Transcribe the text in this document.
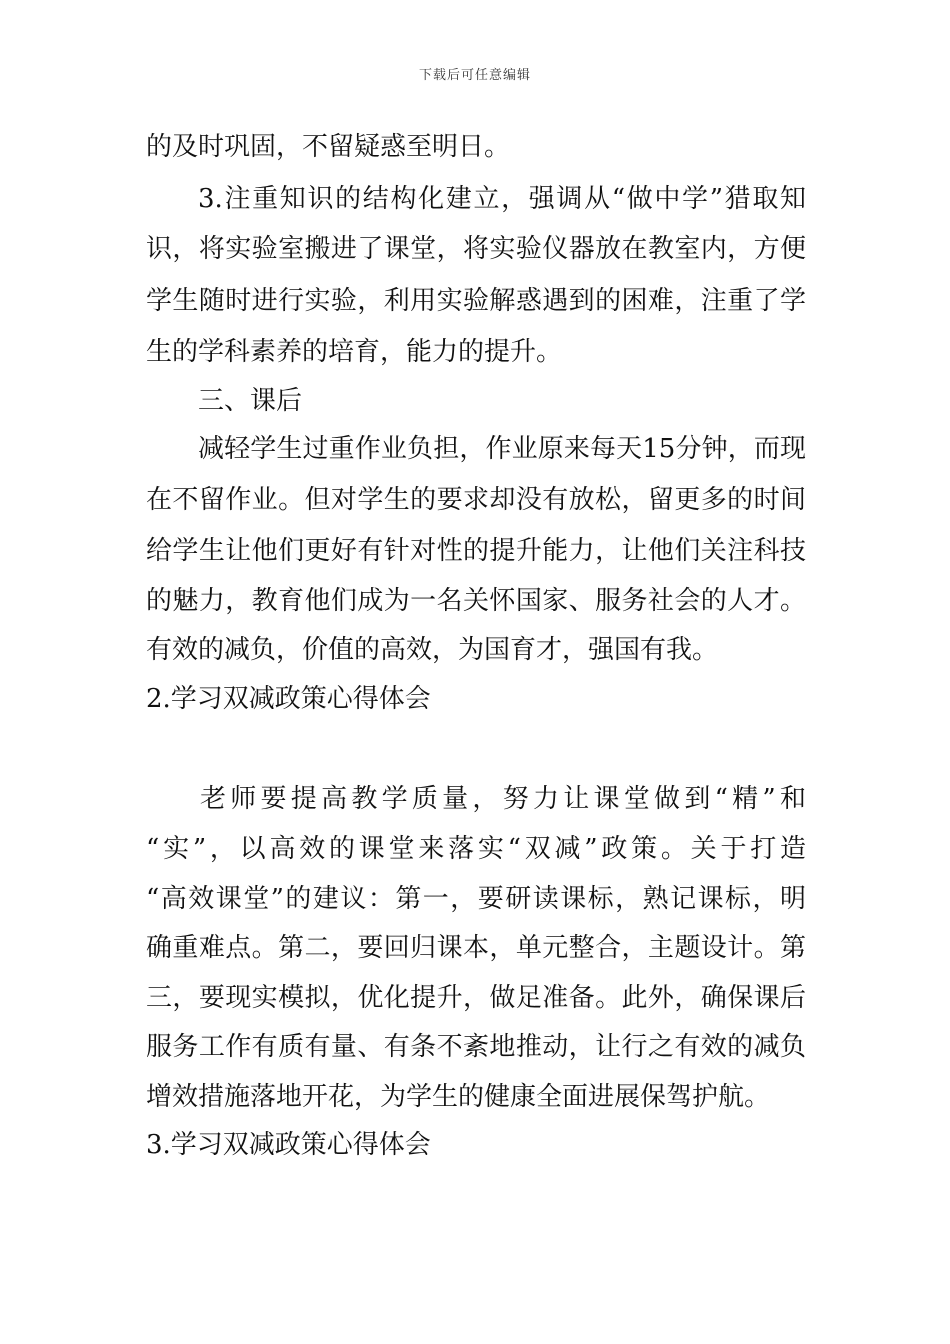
下载后可任意编辑
的及时巩固，不留疑惑至明日。
3.注重知识的结构化建立，强调从“做中学”猎取知
识，将实验室搬进了课堂，将实验仪器放在教室内，方便
学生随时进行实验，利用实验解惑遇到的困难，注重了学
生的学科素养的培育，能力的提升。
三、课后
减轻学生过重作业负担，作业原来每天15分钟，而现
在不留作业。但对学生的要求却没有放松，留更多的时间
给学生让他们更好有针对性的提升能力，让他们关注科技
的魅力，教育他们成为一名关怀国家、服务社会的人才。
有效的减负，价值的高效，为国育才，强国有我。
2.学习双减政策心得体会
老师要提高教学质量，努力让课堂做到“精”和
“实”，以高效的课堂来落实“双减”政策。关于打造
“高效课堂”的建议：第一，要研读课标，熟记课标，明
确重难点。第二，要回归课本，单元整合，主题设计。第
三，要现实模拟，优化提升，做足准备。此外，确保课后
服务工作有质有量、有条不紊地推动，让行之有效的减负
增效措施落地开花，为学生的健康全面进展保驾护航。
3.学习双减政策心得体会
